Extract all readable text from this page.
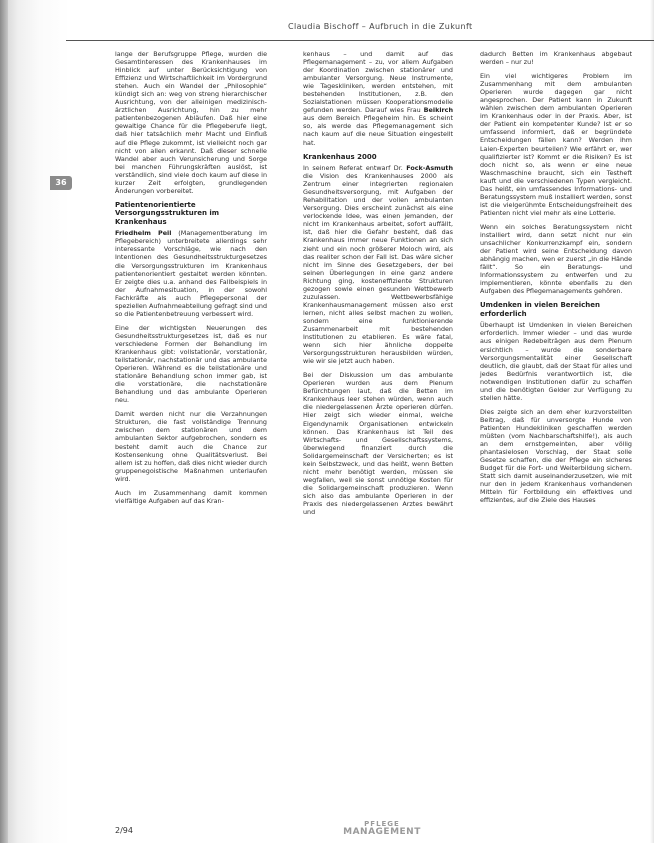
Claudia Bischoff – Aufbruch in die Zukunft
36

lange der Berufsgruppe Pflege, wurden die Gesamtinteressen des Krankenhauses im Hinblick auf unter Berücksichtigung von Effizienz und Wirtschaftlichkeit im Vordergrund stehen. Auch ein Wandel der „Philosophie“ kündigt sich an: weg von streng hierarchischer Ausrichtung, von der alleinigen medizinisch-ärztlichen Ausrichtung, hin zu mehr patientenbezogenen Abläufen. Daß hier eine gewaltige Chance für die Pflegeberufe liegt, daß hier tatsächlich mehr Macht und Einfluß auf die Pflege zukommt, ist vielleicht noch gar nicht von allen erkannt. Daß dieser schnelle Wandel aber auch Verunsicherung und Sorge bei manchen Führungskräften auslöst, ist verständlich, sind viele doch kaum auf diese in kurzer Zeit erfolgten, grundlegenden Änderungen vorbereitet.

Patientenorientierte Versorgungsstrukturen im Krankenhaus

Friedhelm Peil (Managementberatung im Pflegebereich) unterbreitete allerdings sehr interessante Vorschläge, wie nach den Intentionen des Gesundheitsstrukturgesetzes die Versorgungsstrukturen im Krankenhaus patientenorientiert gestaltet werden könnten. Er zeigte dies u.a. anhand des Fallbeispiels in der Aufnahmesituation, in der sowohl Fachkräfte als auch Pflegepersonal der speziellen Aufnahmeabteilung gefragt sind und so die Patientenbetreuung verbessert wird.

Eine der wichtigsten Neuerungen des Gesundheitsstrukturgesetzes ist, daß es nur verschiedene Formen der Behandlung im Krankenhaus gibt: vollstationär, vorstationär, teilstationär, nachstationär und das ambulante Operieren. Während es die teilstationäre und stationäre Behandlung schon immer gab, ist die vorstationäre, die nachstationäre Behandlung und das ambulante Operieren neu.

Damit werden nicht nur die Verzahnungen Strukturen, die fast vollständige Trennung zwischen dem stationären und dem ambulanten Sektor aufgebrochen, sondern es besteht damit auch die Chance zur Kostensenkung ohne Qualitätsverlust. Bei allem ist zu hoffen, daß dies nicht wieder durch gruppenegoistische Maßnahmen unterlaufen wird.

Auch im Zusammenhang damit kommen vielfältige Aufgaben auf das Kran-

kenhaus – und damit auf das Pflegemanagement – zu, vor allem Aufgaben der Koordination zwischen stationärer und ambulanter Versorgung. Neue Instrumente, wie Tageskliniken, werden entstehen, mit bestehenden Institutionen, z.B. den Sozialstationen müssen Kooperationsmodelle gefunden werden. Darauf wies Frau Beikirch aus dem Bereich Pflegeheim hin. Es scheint so, als werde das Pflegemanagement sich nach kaum auf die neue Situation eingestellt hat.

Krankenhaus 2000

In seinem Referat entwarf Dr. Fock-Asmuth die Vision des Krankenhauses 2000 als Zentrum einer integrierten regionalen Gesundheitsversorgung, mit Aufgaben der Rehabilitation und der vollen ambulanten Versorgung. Dies erscheint zunächst als eine verlockende Idee, was einen jemanden, der nicht im Krankenhaus arbeitet, sofort auffällt, ist, daß hier die Gefahr besteht, daß das Krankenhaus immer neue Funktionen an sich zieht und ein noch größerer Moloch wird, als das realiter schon der Fall ist. Das wäre sicher nicht im Sinne des Gesetzgebers, der bei seinen Überlegungen in eine ganz andere Richtung ging, kosteneffiziente Strukturen gezogen sowie einen gesunden Wettbewerb zuzulassen. Wettbewerbsfähige Krankenhausmanagement müssen also erst lernen, nicht alles selbst machen zu wollen, sondern eine funktionierende Zusammenarbeit mit bestehenden Institutionen zu etablieren. Es wäre fatal, wenn sich hier ähnliche doppelte Versorgungsstrukturen herausbilden würden, wie wir sie jetzt auch haben.

Bei der Diskussion um das ambulante Operieren wurden aus dem Plenum Befürchtungen laut, daß die Betten im Krankenhaus leer stehen würden, wenn auch die niedergelassenen Ärzte operieren dürfen. Hier zeigt sich wieder einmal, welche Eigendynamik Organisationen entwickeln können. Das Krankenhaus ist Teil des Wirtschafts- und Gesellschaftssystems, überwiegend finanziert durch die Solidargemeinschaft der Versicherten; es ist kein Selbstzweck, und das heißt, wenn Betten nicht mehr benötigt werden, müssen sie wegfallen, weil sie sonst unnötige Kosten für die Solidargemeinschaft produzieren. Wenn sich also das ambulante Operieren in der Praxis des niedergelassenen Arztes bewährt und

dadurch Betten im Krankenhaus abgebaut werden – nur zu!

Ein viel wichtigeres Problem im Zusammenhang mit dem ambulanten Operieren wurde dagegen gar nicht angesprochen. Der Patient kann in Zukunft wählen zwischen dem ambulanten Operieren im Krankenhaus oder in der Praxis. Aber, ist der Patient ein kompetenter Kunde? Ist er so umfassend informiert, daß er begründete Entscheidungen fällen kann? Werden ihm Laien-Experten beurteilen? Wie erfährt er, wer qualifizierter ist? Kommt er die Risiken? Es ist doch nicht so, als wenn er eine neue Waschmaschine braucht, sich ein Testheft kauft und die verschiedenen Typen vergleicht. Das heißt, ein umfassendes Informations- und Beratungssystem muß installiert werden, sonst ist die vielgerühmte Entscheidungsfreiheit des Patienten nicht viel mehr als eine Lotterie.

Wenn ein solches Beratungssystem nicht installiert wird, dann setzt nicht nur ein unsachlicher Konkurrenzkampf ein, sondern der Patient wird seine Entscheidung davon abhängig machen, wen er zuerst „in die Hände fällt“. So ein Beratungs- und Informationssystem zu entwerfen und zu implementieren, könnte ebenfalls zu den Aufgaben des Pflegemanagements gehören.

Umdenken in vielen Bereichen erforderlich

Überhaupt ist Umdenken in vielen Bereichen erforderlich. Immer wieder – und das wurde aus einigen Redebeiträgen aus dem Plenum ersichtlich – wurde die sonderbare Versorgungsmentalität einer Gesellschaft deutlich, die glaubt, daß der Staat für alles und jedes Bedürfnis verantwortlich ist, die notwendigen Institutionen dafür zu schaffen und die benötigten Gelder zur Verfügung zu stellen hätte.

Dies zeigte sich an dem eher kurzvorstellten Beitrag, daß für unversorgte Hunde von Patienten Hundekliniken geschaffen werden müßten (vom Nachbarschaftshilfe!), als auch an dem ernstgemeinten, aber völlig phantasielosen Vorschlag, der Staat solle Gesetze schaffen, die der Pflege ein sicheres Budget für die Fort- und Weiterbildung sichern. Statt sich damit auseinanderzusetzen, wie mit nur den in jedem Krankenhaus vorhandenen Mitteln für Fortbildung ein effektives und effizientes, auf die Ziele des Hauses

2/94
PFLEGE
MANAGEMENT
